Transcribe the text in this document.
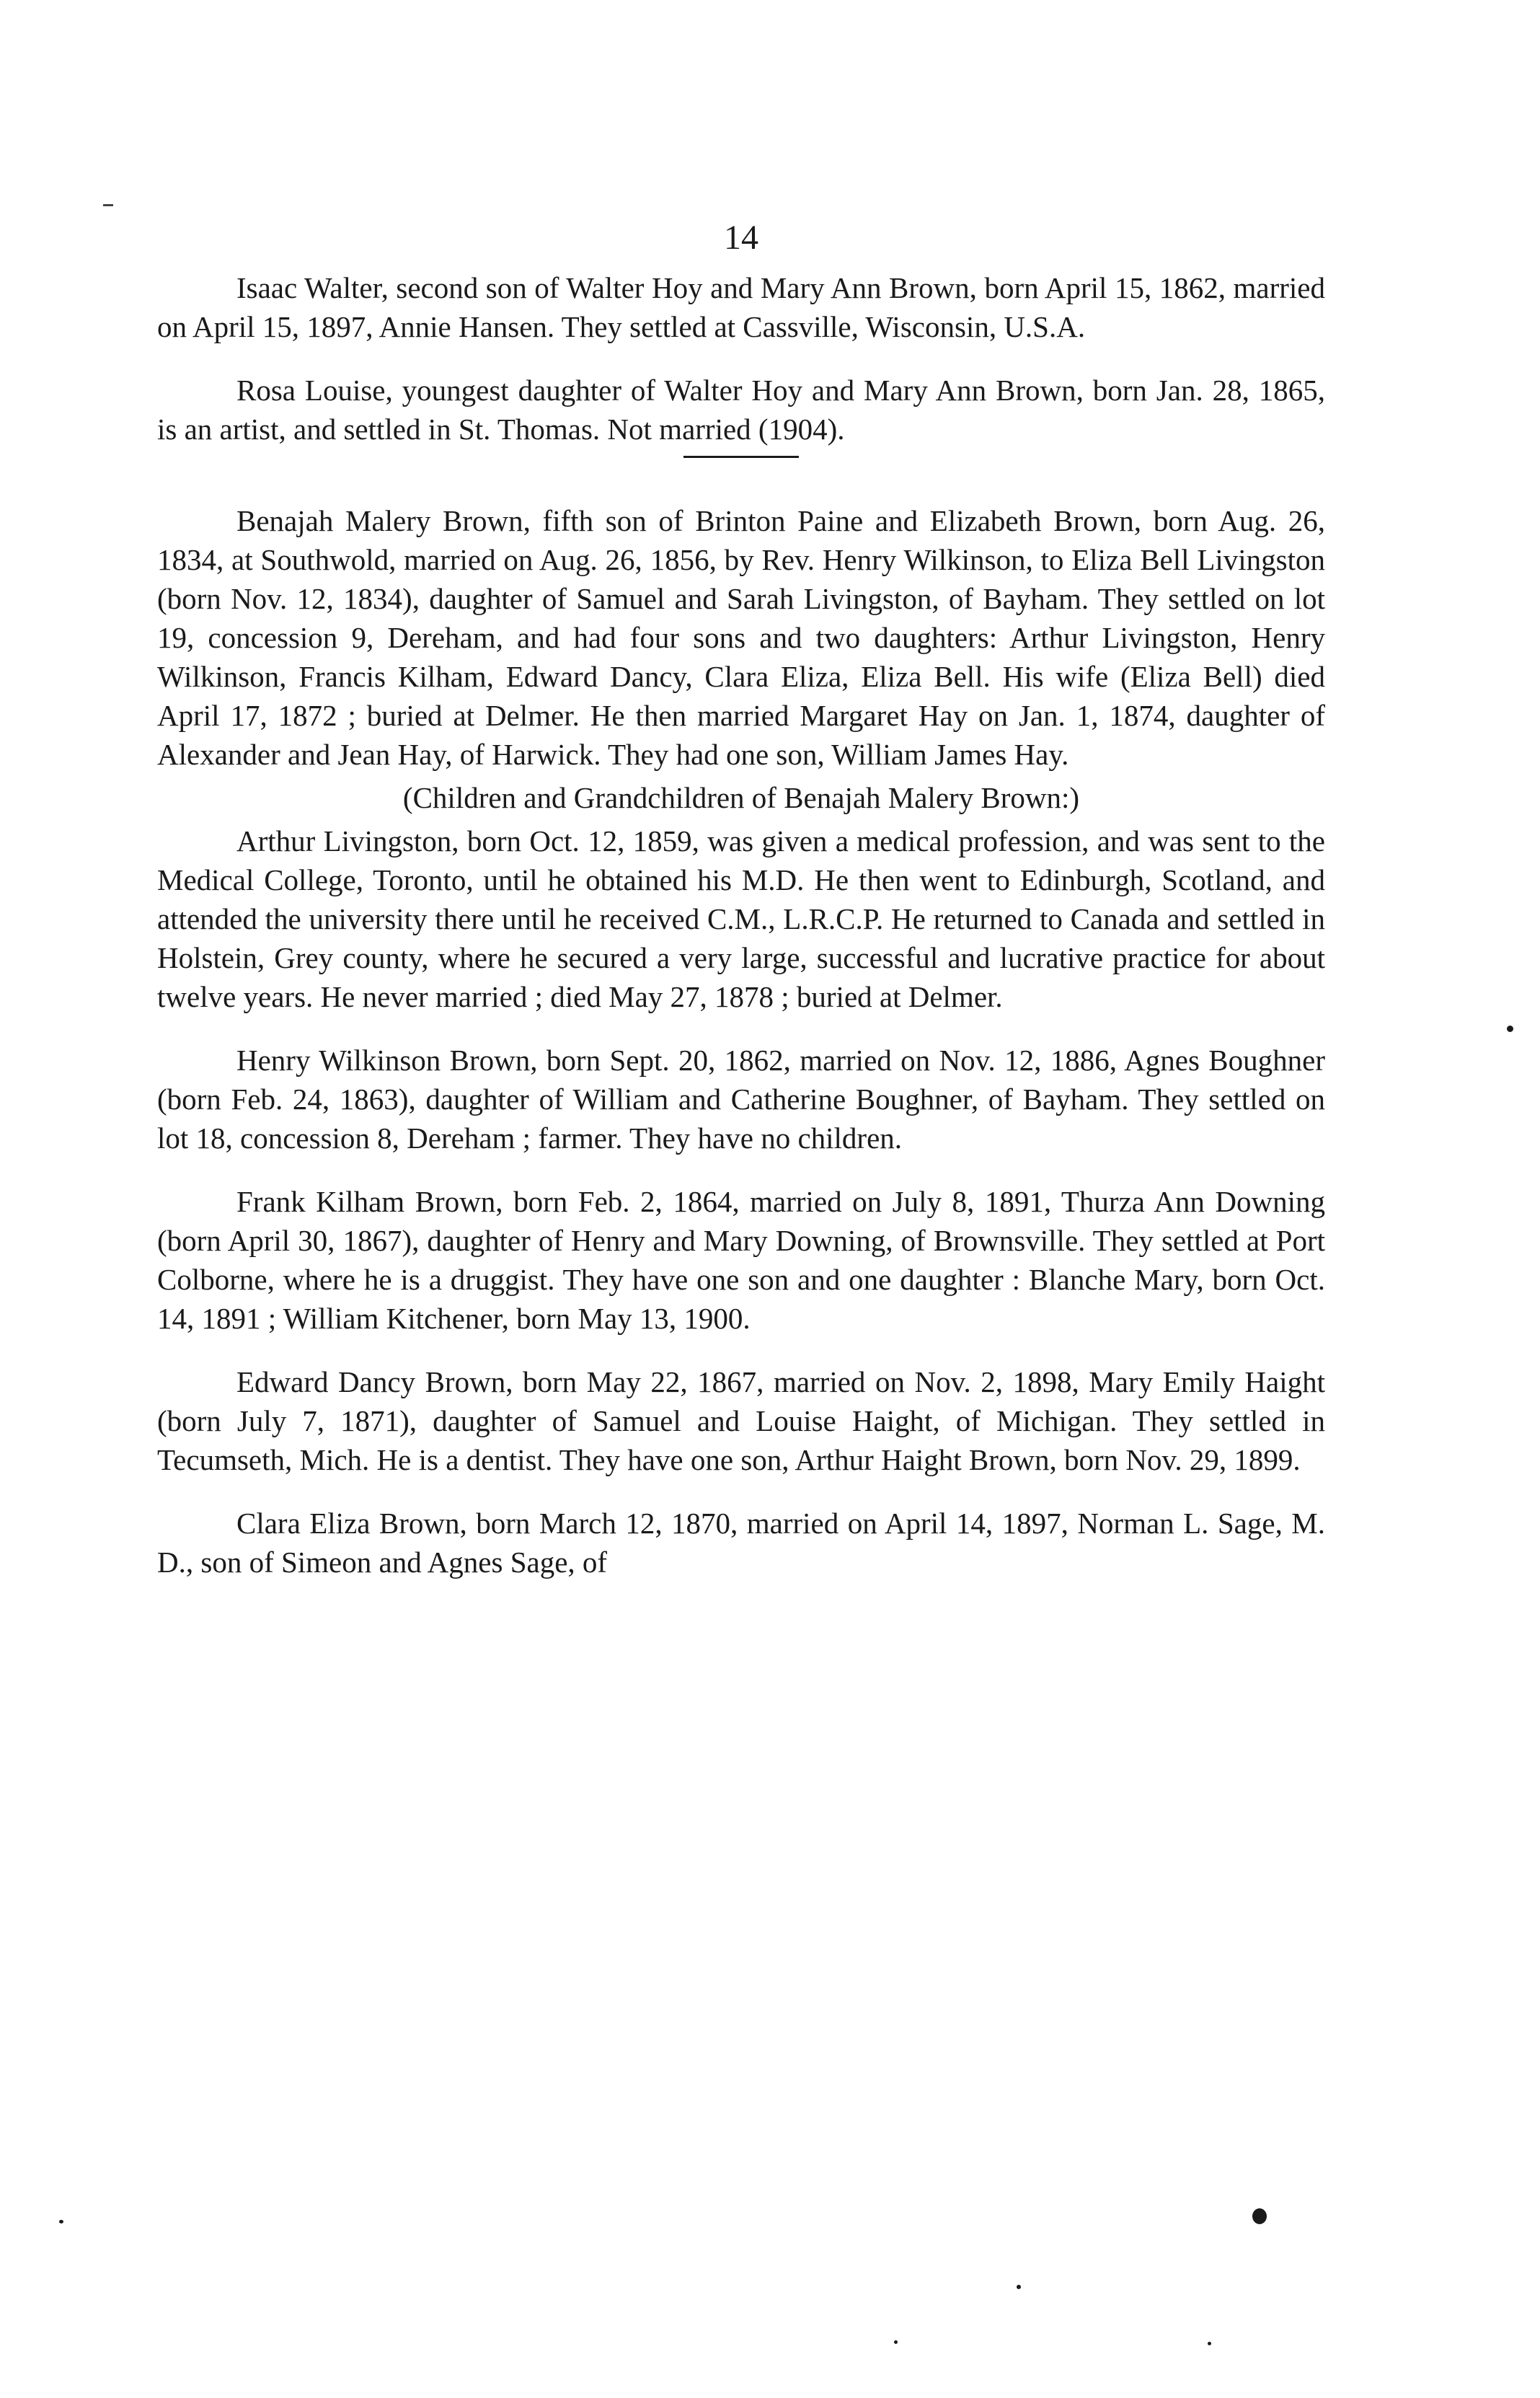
14

Isaac Walter, second son of Walter Hoy and Mary Ann Brown, born April 15, 1862, married on April 15, 1897, Annie Hansen. They settled at Cassville, Wisconsin, U.S.A.

Rosa Louise, youngest daughter of Walter Hoy and Mary Ann Brown, born Jan. 28, 1865, is an artist, and settled in St. Thomas. Not married (1904).

Benajah Malery Brown, fifth son of Brinton Paine and Elizabeth Brown, born Aug. 26, 1834, at Southwold, married on Aug. 26, 1856, by Rev. Henry Wilkinson, to Eliza Bell Livingston (born Nov. 12, 1834), daughter of Samuel and Sarah Livingston, of Bayham. They settled on lot 19, concession 9, Dereham, and had four sons and two daughters: Arthur Livingston, Henry Wilkinson, Francis Kilham, Edward Dancy, Clara Eliza, Eliza Bell. His wife (Eliza Bell) died April 17, 1872 ; buried at Delmer. He then married Margaret Hay on Jan. 1, 1874, daughter of Alexander and Jean Hay, of Harwick. They had one son, William James Hay.

(Children and Grandchildren of Benajah Malery Brown:)

Arthur Livingston, born Oct. 12, 1859, was given a medical profession, and was sent to the Medical College, Toronto, until he obtained his M.D. He then went to Edinburgh, Scotland, and attended the university there until he received C.M., L.R.C.P. He returned to Canada and settled in Holstein, Grey county, where he secured a very large, successful and lucrative practice for about twelve years. He never married ; died May 27, 1878 ; buried at Delmer.

Henry Wilkinson Brown, born Sept. 20, 1862, married on Nov. 12, 1886, Agnes Boughner (born Feb. 24, 1863), daughter of William and Catherine Boughner, of Bayham. They settled on lot 18, concession 8, Dereham ; farmer. They have no children.

Frank Kilham Brown, born Feb. 2, 1864, married on July 8, 1891, Thurza Ann Downing (born April 30, 1867), daughter of Henry and Mary Downing, of Brownsville. They settled at Port Colborne, where he is a druggist. They have one son and one daughter : Blanche Mary, born Oct. 14, 1891 ; William Kitchener, born May 13, 1900.

Edward Dancy Brown, born May 22, 1867, married on Nov. 2, 1898, Mary Emily Haight (born July 7, 1871), daughter of Samuel and Louise Haight, of Michigan. They settled in Tecumseth, Mich. He is a dentist. They have one son, Arthur Haight Brown, born Nov. 29, 1899.

Clara Eliza Brown, born March 12, 1870, married on April 14, 1897, Norman L. Sage, M. D., son of Simeon and Agnes Sage, of
